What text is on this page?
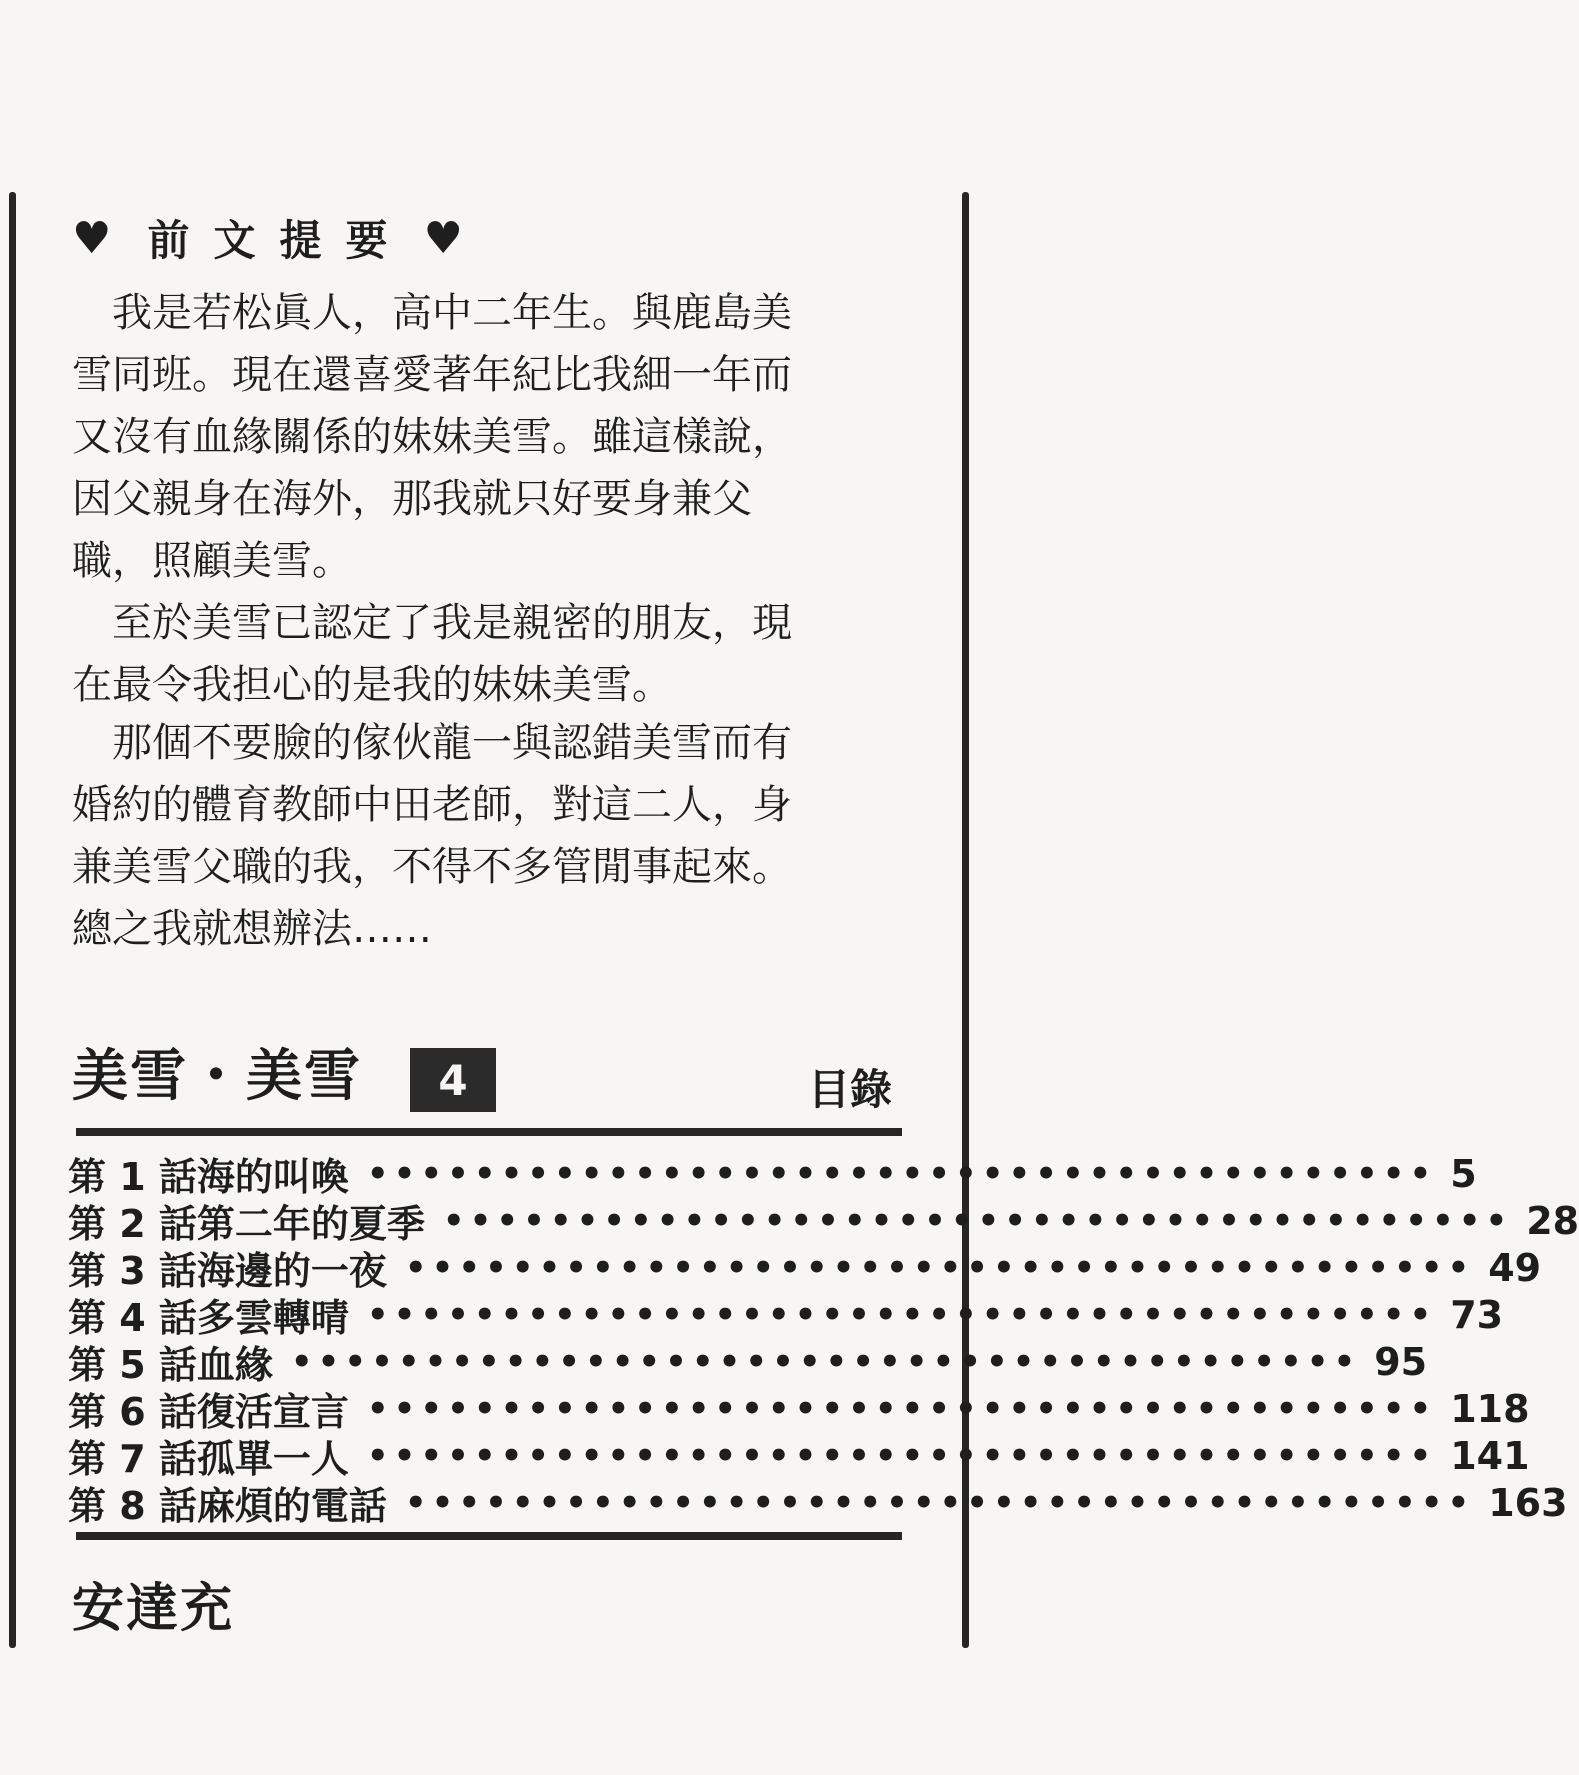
♥ 前文提要 ♥
我是若松眞人，高中二年生。與鹿島美
雪同班。現在還喜愛著年紀比我細一年而
又沒有血緣關係的妹妹美雪。雖這樣說，
因父親身在海外，那我就只好要身兼父
職，照顧美雪。
至於美雪已認定了我是親密的朋友，現
在最令我担心的是我的妹妹美雪。
那個不要臉的傢伙龍一與認錯美雪而有
婚約的體育教師中田老師，對這二人，身
兼美雪父職的我，不得不多管閒事起來。
總之我就想辦法……
美雪・美雪	4	目錄
第 1 話 海的叫喚 •••••••••••••••••••••••••••••••••••••••• 5
第 2 話 第二年的夏季 •••••••••••••••••••••••••••••••••••••••• 28
第 3 話 海邊的一夜 •••••••••••••••••••••••••••••••••••••••• 49
第 4 話 多雲轉晴 •••••••••••••••••••••••••••••••••••••••• 73
第 5 話 血緣 •••••••••••••••••••••••••••••••••••••••• 95
第 6 話 復活宣言 •••••••••••••••••••••••••••••••••••••••• 118
第 7 話 孤單一人 •••••••••••••••••••••••••••••••••••••••• 141
第 8 話 麻煩的電話 •••••••••••••••••••••••••••••••••••••••• 163
安達充
